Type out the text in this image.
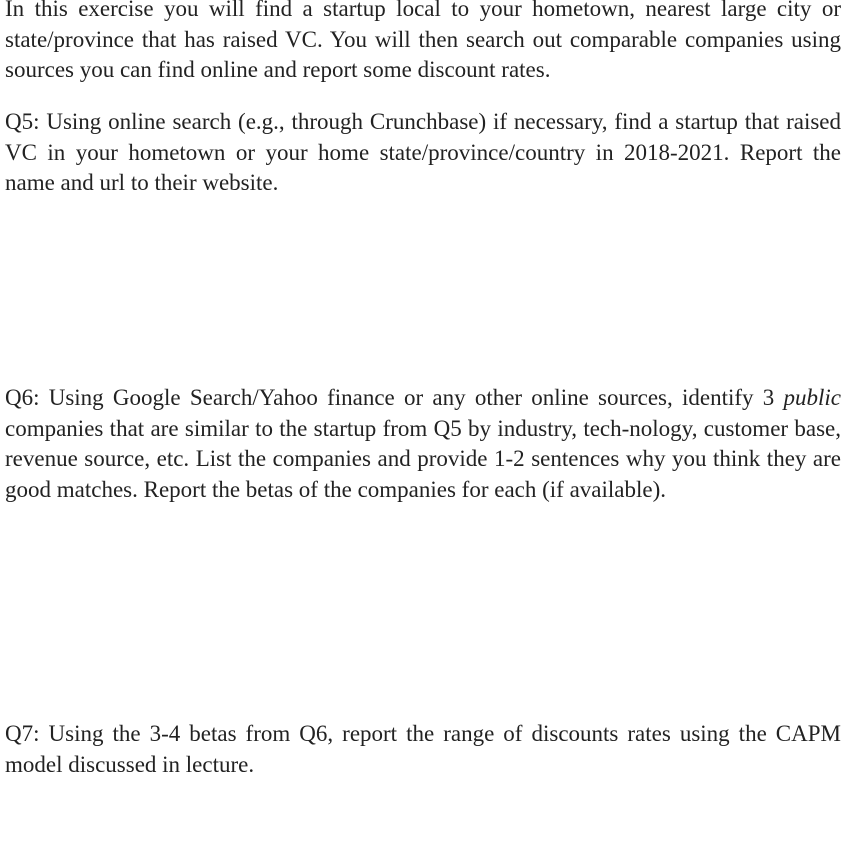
In this exercise you will find a startup local to your hometown, nearest large city or state/province that has raised VC. You will then search out comparable companies using sources you can find online and report some discount rates.

Q5: Using online search (e.g., through Crunchbase) if necessary, find a startup that raised VC in your hometown or your home state/province/country in 2018-2021. Report the name and url to their website.

Q6: Using Google Search/Yahoo finance or any other online sources, identify 3 public companies that are similar to the startup from Q5 by industry, tech-nology, customer base, revenue source, etc. List the companies and provide 1-2 sentences why you think they are good matches. Report the betas of the companies for each (if available).

Q7: Using the 3-4 betas from Q6, report the range of discounts rates using the CAPM model discussed in lecture.
